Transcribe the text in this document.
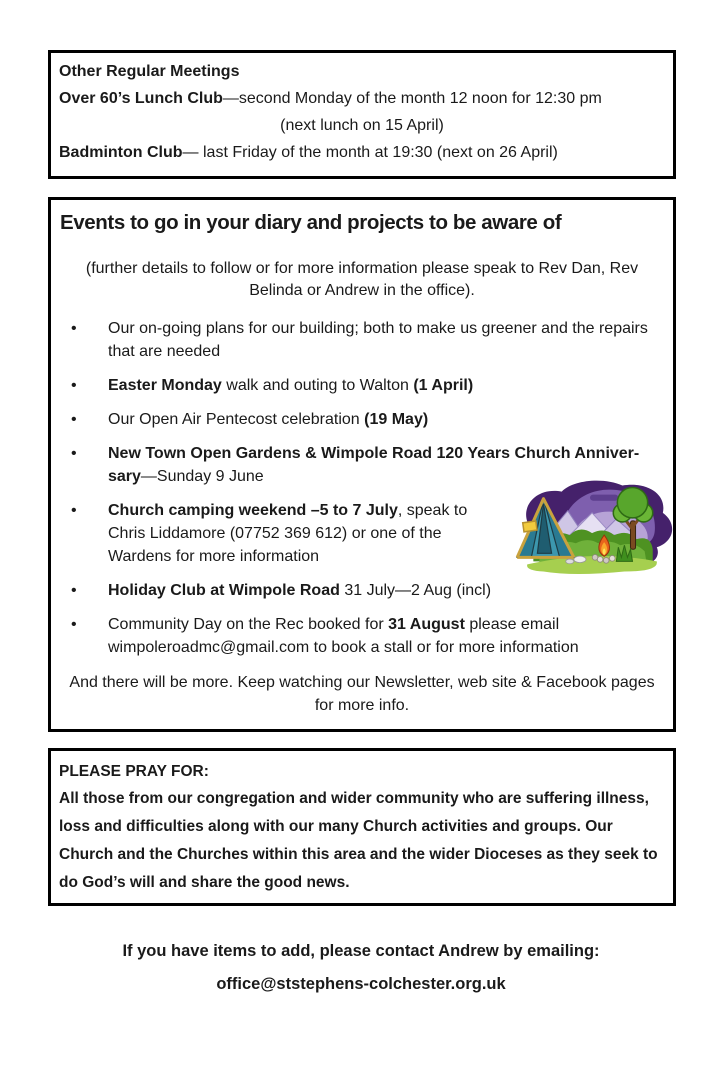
Other Regular Meetings
Over 60’s Lunch Club—second Monday of the month 12 noon for 12:30 pm
(next lunch on 15 April)
Badminton Club— last Friday of the month at 19:30 (next on 26 April)
Events to go in your diary and projects to be aware of
(further details to follow or for more information please speak to Rev Dan, Rev Belinda or Andrew in the office).
• Our on-going plans for our building; both to make us greener and the repairs that are needed
• Easter Monday walk and outing to Walton (1 April)
• Our Open Air Pentecost celebration (19 May)
• New Town Open Gardens & Wimpole Road 120 Years Church Anniversary—Sunday 9 June
• Church camping weekend –5 to 7 July, speak to Chris Liddamore (07752 369 612) or one of the Wardens for more information
• Holiday Club at Wimpole Road 31 July—2 Aug (incl)
• Community Day on the Rec booked for 31 August please email wimpoleroadmc@gmail.com to book a stall or for more information
And there will be more. Keep watching our Newsletter, web site & Facebook pages for more info.
PLEASE PRAY FOR:
All those from our congregation and wider community who are suffering illness, loss and difficulties along with our many Church activities and groups. Our Church and the Churches within this area and the wider Dioceses as they seek to do God’s will and share the good news.
If you have items to add, please contact Andrew by emailing:
office@ststephens-colchester.org.uk
